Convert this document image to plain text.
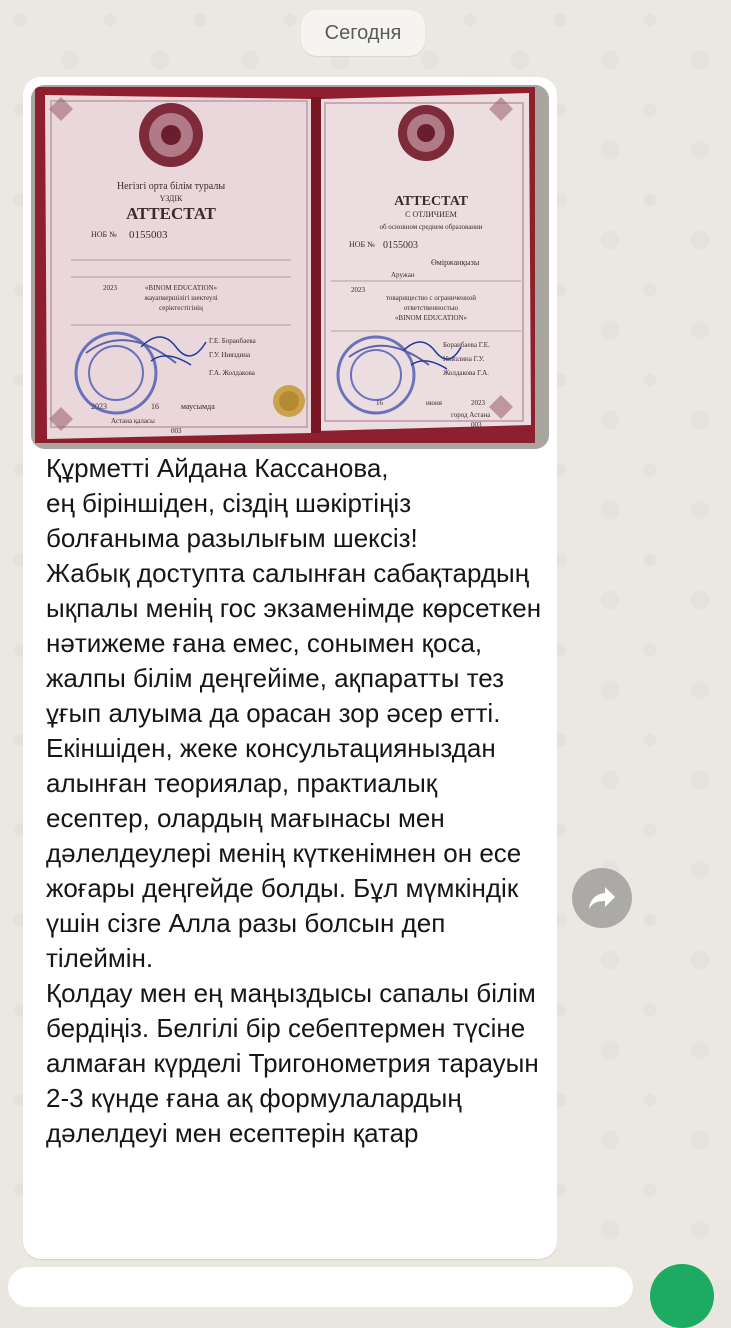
Сегодня
Негізгі орта білім туралы
ҮЗДІК
АТТЕСТАТ
НОБ № 0155003
2023	«BINOM EDUCATION»
жауапкершілігі шектеулі
серіктестігінің
Г.Е. Боранбаева
Г.У. Нияздина
Г.А. Жолдакова
2023	16	маусымда
Астана қаласы
003
АТТЕСТАТ
С ОТЛИЧИЕМ
об основном среднем образовании
НОБ № 0155003
Өміржанқызы
Аружан
2023
товарищество с ограниченной
ответственностью
«BINOM EDUCATION»
Боранбаева Г.Е.
Ниязлина Г.У.
Жолдакова Г.А.
16	июня	2023
город Астана
003

Құрметті Айдана Кассанова,
ең біріншіден, сіздің шәкіртіңіз болғаныма разылығым шексіз!
Жабық доступта салынған сабақтардың ықпалы менің гос экзаменімде көрсеткен нәтижеме ғана емес, сонымен қоса, жалпы білім деңгейіме, ақпаратты тез ұғып алуыма да орасан зор әсер етті. Екіншіден, жеке консультацияныздан алынған теориялар, практиалық есептер, олардың мағынасы мен дәлелдеулері менің күткенімнен он есе жоғары деңгейде болды. Бұл мүмкіндік үшін сізге Алла разы болсын деп тілеймін.
Қолдау мен ең маңыздысы сапалы білім бердіңіз. Белгілі бір себептермен түсіне алмаған күрделі Тригонометрия тарауын 2-3 күнде ғана ақ формулалардың дәлелдеуі мен есептерін қатар
